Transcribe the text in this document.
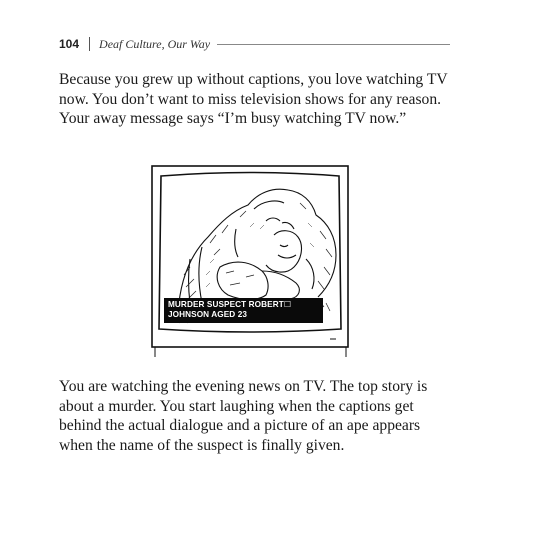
104 Deaf Culture, Our Way

Because you grew up without captions, you love watching TV now. You don’t want to miss television shows for any reason. Your away message says “I’m busy watching TV now.”

MURDER SUSPECT ROBERT☐
JOHNSON AGED 23

You are watching the evening news on TV. The top story is about a murder. You start laughing when the captions get behind the actual dialogue and a picture of an ape appears when the name of the suspect is finally given.
